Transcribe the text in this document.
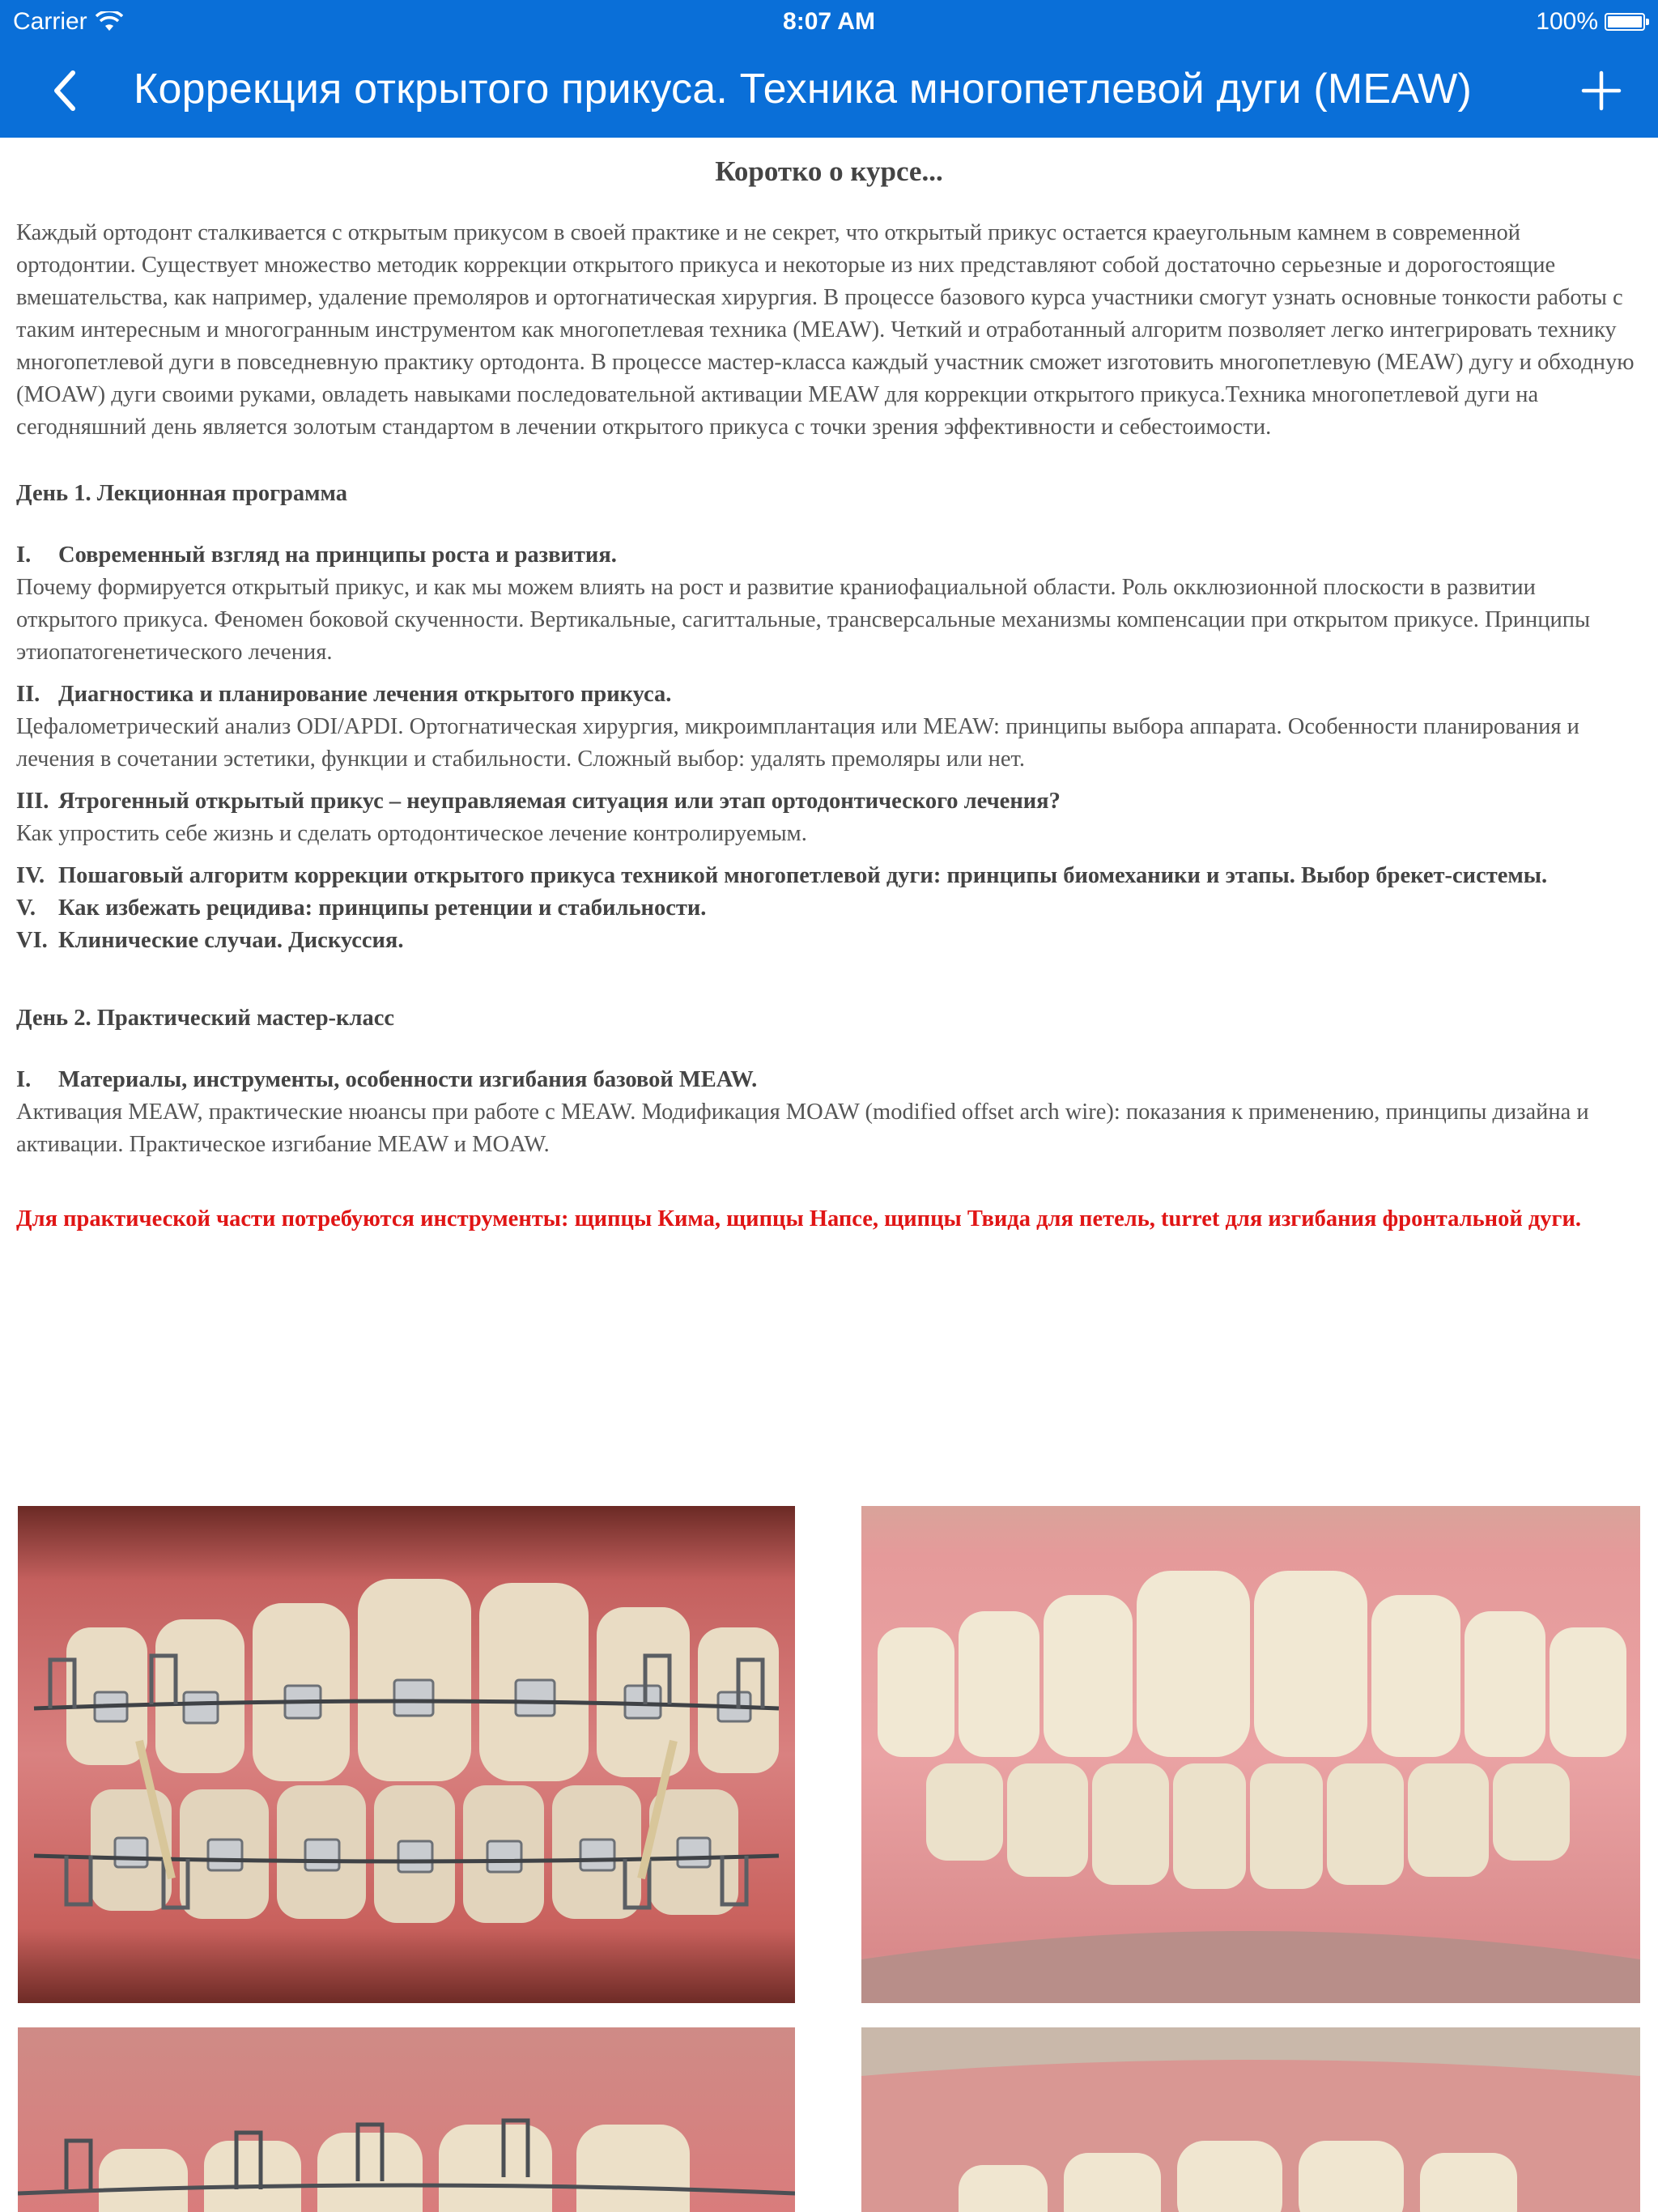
Carrier	8:07 AM	100%
Коррекция открытого прикуса. Техника многопетлевой дуги (MEAW)
Коротко о курсе...
Каждый ортодонт сталкивается с открытым прикусом в своей практике и не секрет, что открытый прикус остается краеугольным камнем в современной ортодонтии. Существует множество методик коррекции открытого прикуса и некоторые из них представляют собой достаточно серьезные и дорогостоящие вмешательства, как например, удаление премоляров и ортогнатическая хирургия. В процессе базового курса участники смогут узнать основные тонкости работы с таким интересным и многогранным инструментом как многопетлевая техника (MEAW). Четкий и отработанный алгоритм позволяет легко интегрировать технику многопетлевой дуги в повседневную практику ортодонта. В процессе мастер-класса каждый участник сможет изготовить многопетлевую (MEAW) дугу и обходную (MOAW) дуги своими руками, овладеть навыками последовательной активации MEAW для коррекции открытого прикуса.Техника многопетлевой дуги на сегодняшний день является золотым стандартом в лечении открытого прикуса с точки зрения эффективности и себестоимости.
День 1. Лекционная программа
I. Современный взгляд на принципы роста и развития.
Почему формируется открытый прикус, и как мы можем влиять на рост и развитие краниофациальной области. Роль окклюзионной плоскости в развитии открытого прикуса. Феномен боковой скученности. Вертикальные, сагиттальные, трансверсальные механизмы компенсации при открытом прикусе. Принципы этиопатогенетического лечения.
II. Диагностика и планирование лечения открытого прикуса.
Цефалометрический анализ ODI/APDI. Ортогнатическая хирургия, микроимплантация или MEAW: принципы выбора аппарата. Особенности планирования и лечения в сочетании эстетики, функции и стабильности. Сложный выбор: удалять премоляры или нет.
III. Ятрогенный открытый прикус – неуправляемая ситуация или этап ортодонтического лечения?
Как упростить себе жизнь и сделать ортодонтическое лечение контролируемым.
IV. Пошаговый алгоритм коррекции открытого прикуса техникой многопетлевой дуги: принципы биомеханики и этапы. Выбор брекет-системы.
V. Как избежать рецидива: принципы ретенции и стабильности.
VI. Клинические случаи. Дискуссия.
День 2. Практический мастер-класс
I. Материалы, инструменты, особенности изгибания базовой MEAW.
Активация MEAW, практические нюансы при работе с MEAW. Модификация MOAW (modified offset arch wire): показания к применению, принципы дизайна и активации. Практическое изгибание MEAW и MOAW.
Для практической части потребуются инструменты: щипцы Кима, щипцы Напсе, щипцы Твида для петель, turret для изгибания фронтальной дуги.
